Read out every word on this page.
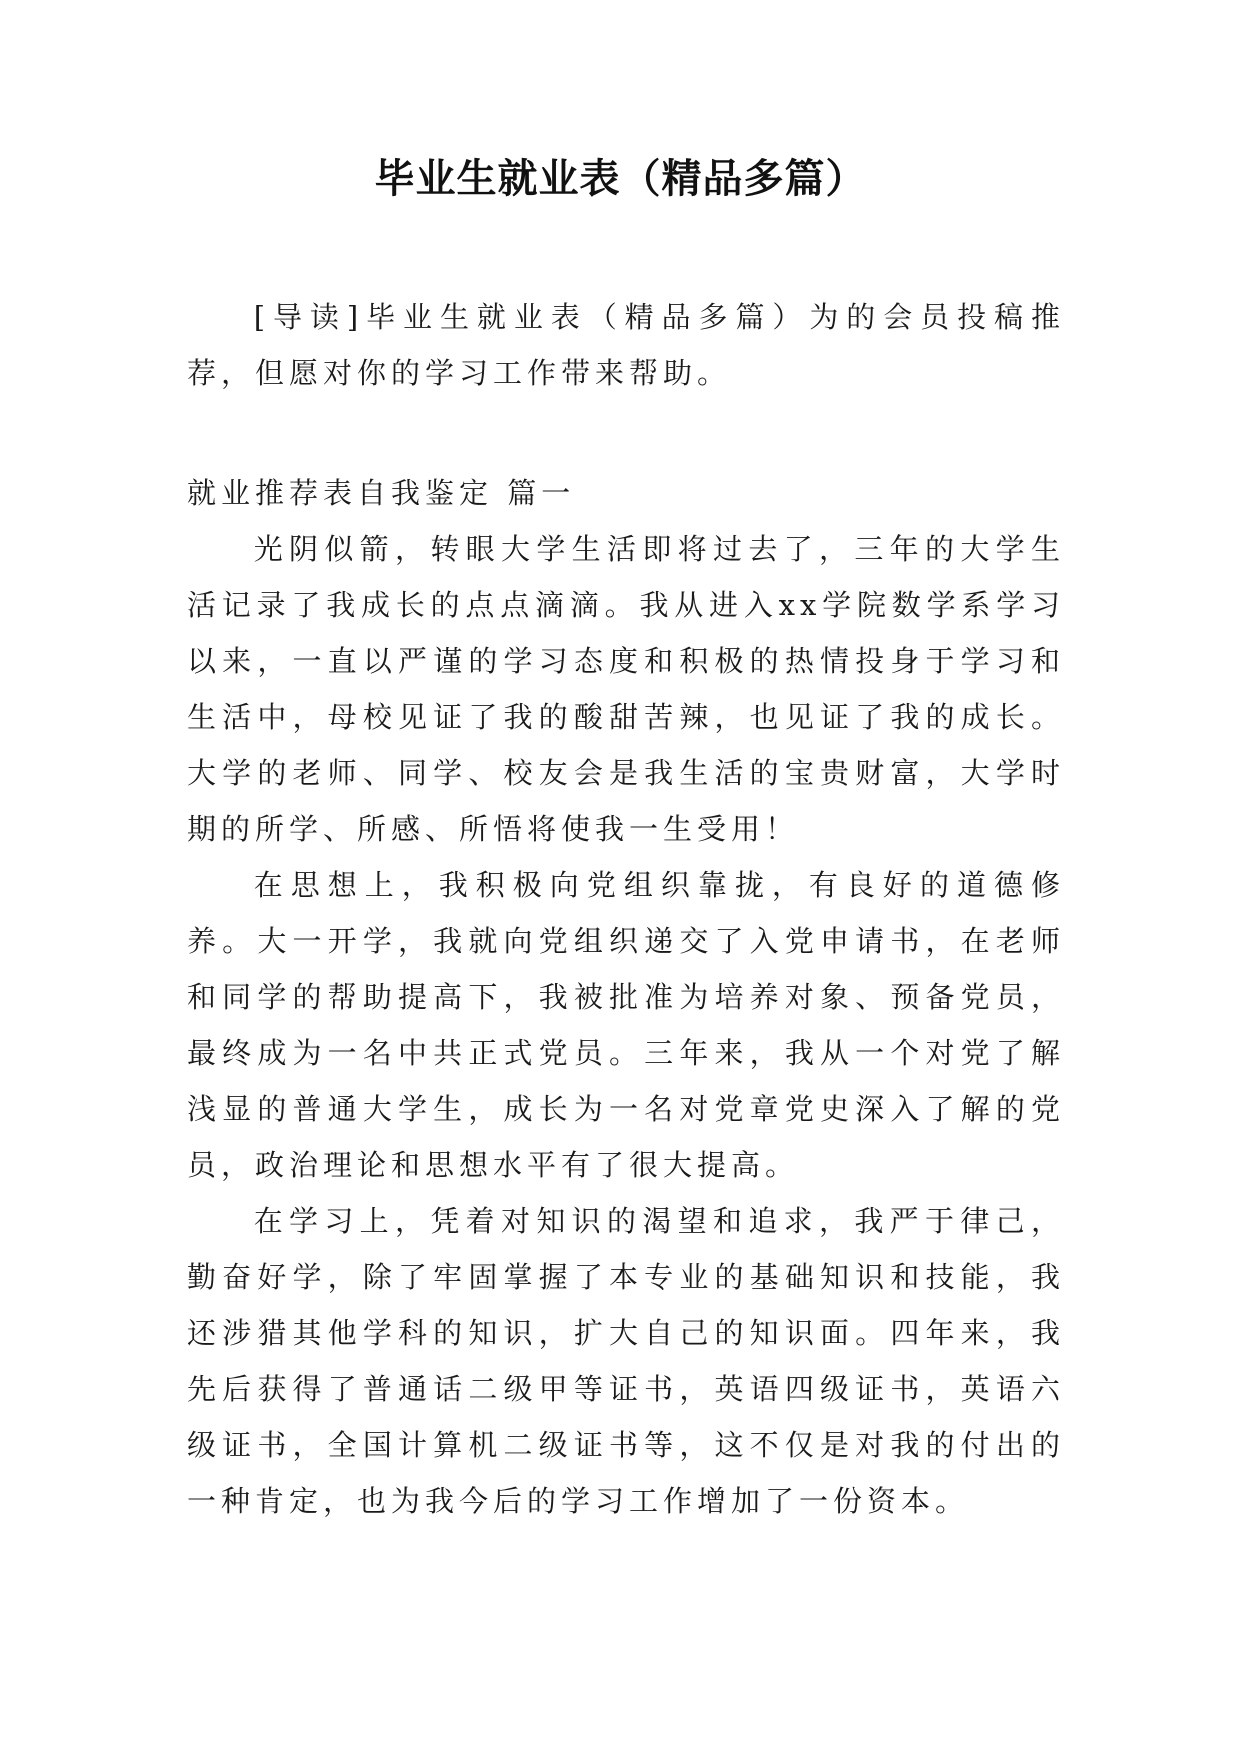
毕业生就业表（精品多篇）

[导读]毕业生就业表（精品多篇）为的会员投稿推荐，但愿对你的学习工作带来帮助。

就业推荐表自我鉴定 篇一

光阴似箭，转眼大学生活即将过去了，三年的大学生活记录了我成长的点点滴滴。我从进入xx学院数学系学习以来，一直以严谨的学习态度和积极的热情投身于学习和生活中，母校见证了我的酸甜苦辣，也见证了我的成长。大学的老师、同学、校友会是我生活的宝贵财富，大学时期的所学、所感、所悟将使我一生受用！

在思想上，我积极向党组织靠拢，有良好的道德修养。大一开学，我就向党组织递交了入党申请书，在老师和同学的帮助提高下，我被批准为培养对象、预备党员，最终成为一名中共正式党员。三年来，我从一个对党了解浅显的普通大学生，成长为一名对党章党史深入了解的党员，政治理论和思想水平有了很大提高。

在学习上，凭着对知识的渴望和追求，我严于律己，勤奋好学，除了牢固掌握了本专业的基础知识和技能，我还涉猎其他学科的知识，扩大自己的知识面。四年来，我先后获得了普通话二级甲等证书，英语四级证书，英语六级证书，全国计算机二级证书等，这不仅是对我的付出的一种肯定，也为我今后的学习工作增加了一份资本。
